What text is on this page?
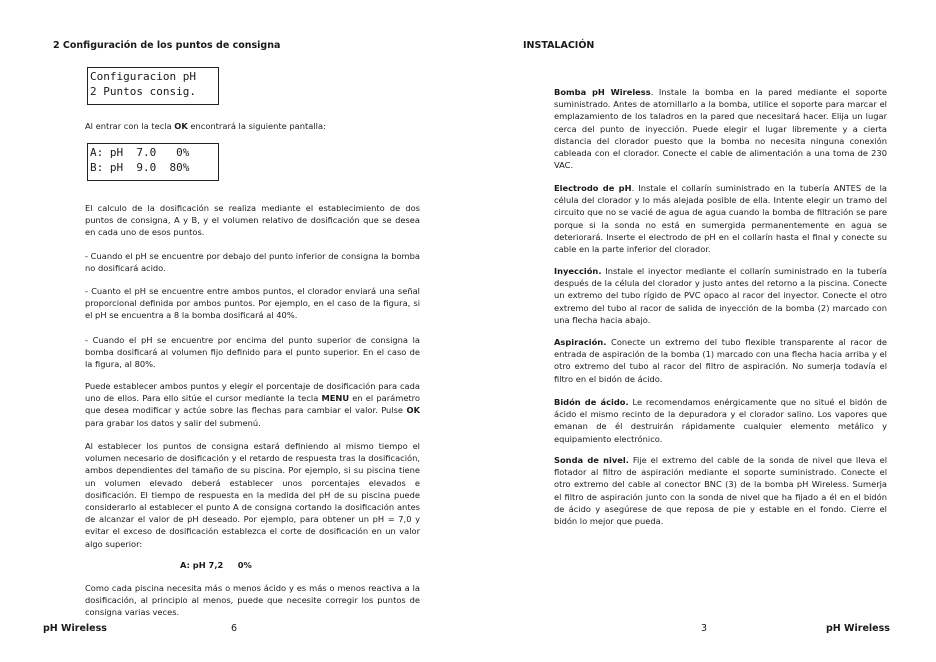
2 Configuración de los puntos de consigna
Configuracion pH
2 Puntos consig.
Al entrar con la tecla OK encontrará la siguiente pantalla:
A: pH  7.0   0%
B: pH  9.0  80%
El calculo de la dosificación se realiza mediante el establecimiento de dos puntos de consigna, A y B, y el volumen relativo de dosificación que se desea en cada uno de esos puntos.
- Cuando el pH se encuentre por debajo del punto inferior de consigna la bomba no dosificará acido.
- Cuanto el pH se encuentre entre ambos puntos, el clorador enviará una señal proporcional definida por ambos puntos. Por ejemplo, en el caso de la figura, si el pH se encuentra a 8 la bomba dosificará al 40%.
- Cuando el pH se encuentre por encima del punto superior de consigna la bomba dosificará al volumen fijo definido para el punto superior. En el caso de la figura, al 80%.
Puede establecer ambos puntos y elegir el porcentaje de dosificación para cada uno de ellos. Para ello sitúe el cursor mediante la tecla MENU en el parámetro que desea modificar y actúe sobre las flechas para cambiar el valor. Pulse OK para grabar los datos y salir del submenú.
Al establecer los puntos de consigna estará definiendo al mismo tiempo el volumen necesario de dosificación y el retardo de respuesta tras la dosificación, ambos dependientes del tamaño de su piscina. Por ejemplo, si su piscina tiene un volumen elevado deberá establecer unos porcentajes elevados e dosificación. El tiempo de respuesta en la medida del pH de su piscina puede considerarlo al establecer el punto A de consigna cortando la dosificación antes de alcanzar el valor de pH deseado. Por ejemplo, para obtener un pH = 7,0 y evitar el exceso de dosificación establezca el corte de dosificación en un valor algo superior:
A: pH 7,2     0%
Como cada piscina necesita más o menos ácido y es más o menos reactiva a la dosificación, al principio al menos, puede que necesite corregir los puntos de consigna varias veces.
pH Wireless	6
INSTALACIÓN
Bomba pH Wireless. Instale la bomba en la pared mediante el soporte suministrado. Antes de atornillarlo a la bomba, utilice el soporte para marcar el emplazamiento de los taladros en la pared que necesitará hacer. Elija un lugar cerca del punto de inyección. Puede elegir el lugar libremente y a cierta distancia del clorador puesto que la bomba no necesita ninguna conexión cableada con el clorador. Conecte el cable de alimentación a una toma de 230 VAC.
Electrodo de pH. Instale el collarín suministrado en la tubería ANTES de la célula del clorador y lo más alejada posible de ella. Intente elegir un tramo del circuito que no se vacié de agua de agua cuando la bomba de filtración se pare porque si la sonda no está en sumergida permanentemente en agua se deteriorará. Inserte el electrodo de pH en el collarín hasta el final y conecte su cable en la parte inferior del clorador.
Inyección. Instale el inyector mediante el collarín suministrado en la tubería después de la célula del clorador y justo antes del retorno a la piscina. Conecte un extremo del tubo rígido de PVC opaco al racor del inyector. Conecte el otro extremo del tubo al racor de salida de inyección de la bomba (2) marcado con una flecha hacia abajo.
Aspiración. Conecte un extremo del tubo flexible transparente al racor de entrada de aspiración de la bomba (1) marcado con una flecha hacia arriba y el otro extremo del tubo al racor del filtro de aspiración. No sumerja todavía el filtro en el bidón de ácido.
Bidón de ácido. Le recomendamos enérgicamente que no situé el bidón de ácido el mismo recinto de la depuradora y el clorador salino. Los vapores que emanan de él destruirán rápidamente cualquier elemento metálico y equipamiento electrónico.
Sonda de nivel. Fije el extremo del cable de la sonda de nivel que lleva el flotador al filtro de aspiración mediante el soporte suministrado. Conecte el otro extremo del cable al conector BNC (3) de la bomba pH Wireless. Sumerja el filtro de aspiración junto con la sonda de nivel que ha fijado a él en el bidón de ácido y asegúrese de que reposa de pie y estable en el fondo. Cierre el bidón lo mejor que pueda.
3	pH Wireless
